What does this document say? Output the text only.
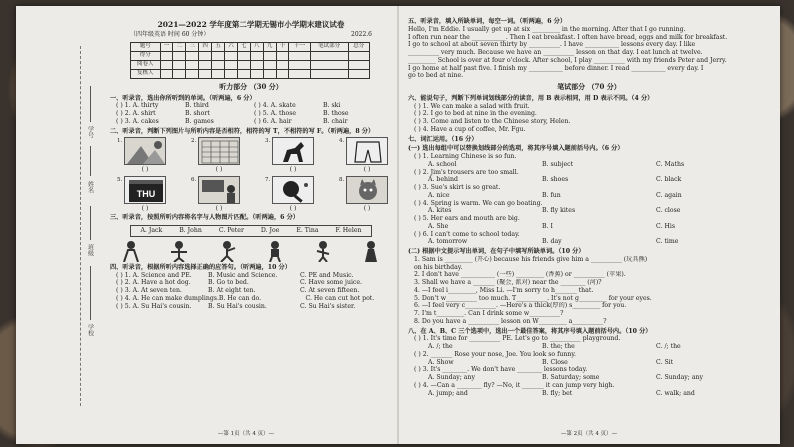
学号
姓名
班级
学校
2021—2022 学年度第二学期无锡市小学期末建议试卷
（四年级英语 时间 60 分钟）	2022.6
题号	一	二	三	四	五	六	七	八	九	十	十一	笔试部分	总分
得分													
阅卷人													
复核人													
听力部分 （30 分）
一、听录音，选出你所听到的单词。（听两遍，6 分）
( ) 1. A. thirty	B. third	( ) 4. A. skate	B. ski
( ) 2. A. shirt	B. short	( ) 5. A. those	B. those
( ) 3. A. cakes	B. games	( ) 6. A. hair	B. chair
二、听录音，判断下列图片与所听内容是否相符，相符的写 T，不相符的写 F。（听两遍，8 分）
1.
( )
2.
( )
3.
( )
4.
( )
5.
THU
( )
6.
( )
7.
( )
8.
( )
三、听录音，按照所听内容将名字与人物图片匹配。（听两遍，6 分）
A. Jack	B. John	C. Peter	D. Joe	E. Tina	F. Helen
四、听录音，根据所听内容选择正确的应答句。（听两遍，10 分）
( ) 1. A. Science and PE.	B. Music and Science.	C. PE and Music.
( ) 2. A. Have a hot dog.	B. Go to bed.	C. Have some juice.
( ) 3. A. At seven ten.	B. At eight ten.	C. At seven fifteen.
( ) 4. A. He can make dumplings. B. He can do.	C. He can cut hot pot.
( ) 5. A. Su Hai's cousin.	B. Su Hai's cousin.	C. Su Hai's sister.
—第 1页（共 4 页）—
五、听录音，填入所缺单词，每空一词。（听两遍，6 分）

Hello, I'm Eddie. I usually get up at six _________ in the morning. After that I go running.

I often run near the ___________. Then I eat breakfast. I often have bread, eggs and milk for breakfast.

I go to school at about seven thirty by __________. I have ___________ lessons every day. I like

__________ very much. Because we have an __________ lesson on that day. I eat lunch at twelve.

_________ School is over at four o'clock. After school, I play __________ with my friends Peter and Jerry.

I go home at half past five. I finish my ___________ before dinner. I read ___________ every day. I

go to bed at nine.

笔试部分 （70 分）
六、能说句子，判断下列单词划线部分的读音，用 B 表示相同，用 D 表示不同。（4 分）

( ) 1. We can make a salad with fruit.

( ) 2. I go to bed at nine in the evening.

( ) 3. Come and listen to the Chinese story, Helen.

( ) 4. Have a cup of coffee, Mr. Fgu.

七、词汇运用。（16 分）
(一) 选出每组中可以替换划线部分的选项，将其序号填入题前括号内。（6 分）
( ) 1. Learning Chinese is so fun.
A. school	B. subject	C. Maths
( ) 2. Jim's trousers are too small.
A. behind	B. shoes	C. black
( ) 3. Sue's skirt is so great.
A. nice	B. fun	C. again
( ) 4. Spring is warm. We can go boating.
A. kites	B. fly kites	C. close
( ) 5. Her ears and mouth are big.
A. She	B. I	C. His
( ) 6. I can't come to school today.
A. tomorrow	B. day	C. time
(二) 根据中文提示写出单词，在句子中填写所缺单词。（10 分）

1. Sam is _________ (开心) because his friends give him a __________ (玩具熊)

on his birthday.

2. I don't have ___________ (一些) _________ (香蕉) or __________ (苹果).

3. Shall we have a _______ (聚会, 派对) near the ________ (河)?

4. —I feel i_________, Miss Li. —I'm sorry to h_______ that.

5. Don't w__________ too much. T__________. It's not g_________ for your eyes.

6. —I feel very c__________. —Here's a thick(厚的) s_________ for you.

7. I'm t_________. Can I drink some w__________?

8. Do you have a __________ lesson on W_________ a__________?

八、在 A、B、C 三个选项中，选出一个最佳答案，将其序号填入题前括号内。（10 分）
( ) 1. It's time for __________ PE. Let's go to __________ playground.
A. /; the	B. the; the	C. /; the
( ) 2. _______ Rose your nose, Joe. You look so funny.
A. Show	B. Close	C. Sit
( ) 3. It's ________. We don't have ________ lessons today.
A. Sunday; any	B. Saturday; some	C. Sunday; any
( ) 4. —Can a ________ fly? —No, it _______ it can jump very high.
A. jump; and	B. fly; bet	C. walk; and
—第 2页（共 4 页）—
